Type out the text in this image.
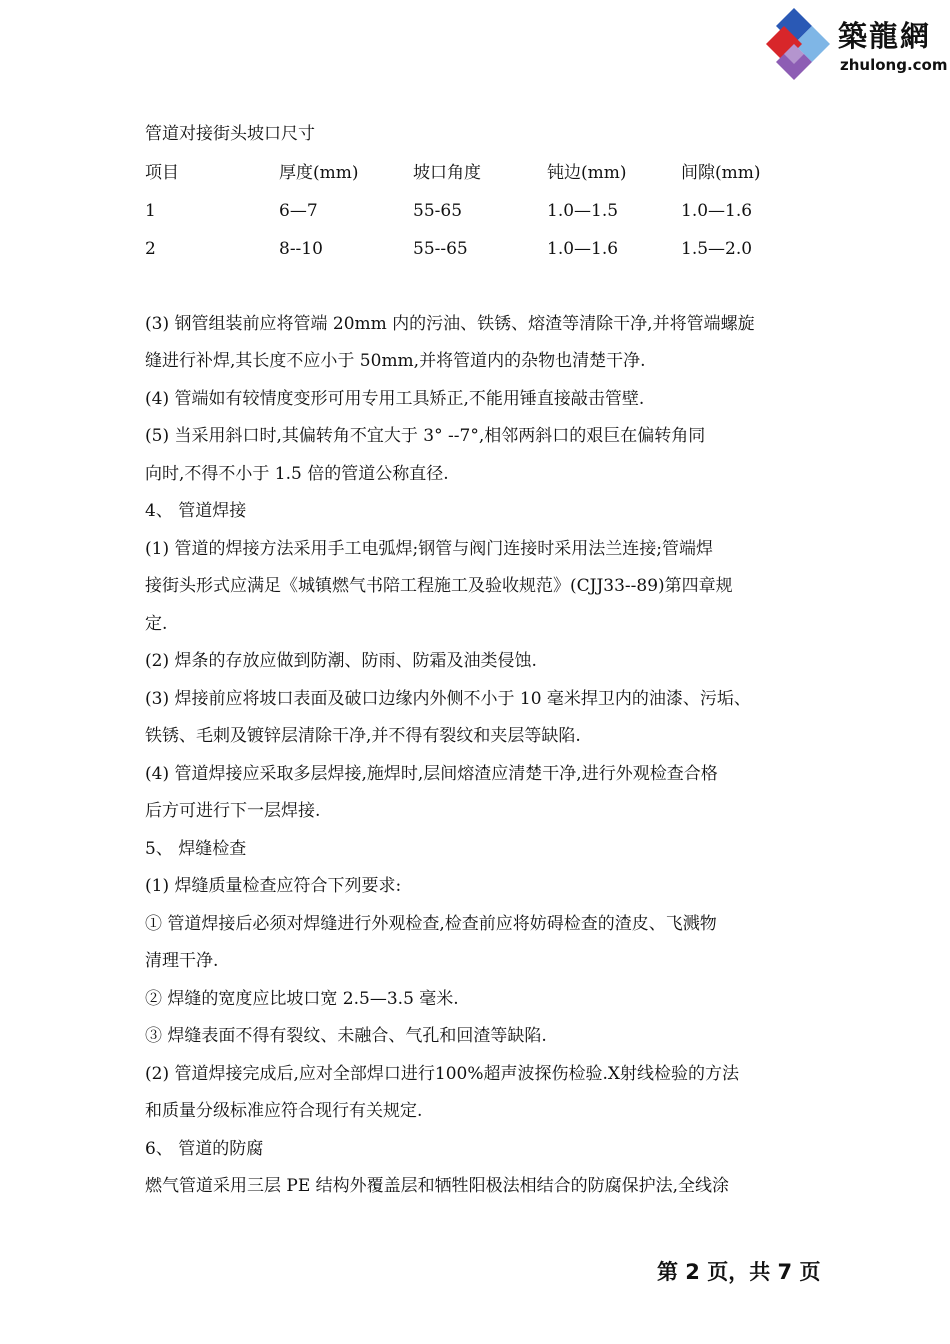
築龍網
zhulong.com
管道对接街头坡口尺寸
项目	厚度(mm)	坡口角度	钝边(mm)	间隙(mm)
1	6—7	55-65	1.0—1.5	1.0—1.6
2	8--10	55--65	1.0—1.6	1.5—2.0
(3) 钢管组装前应将管端 20mm 内的污油、铁锈、熔渣等清除干净,并将管端螺旋
缝进行补焊,其长度不应小于 50mm,并将管道内的杂物也清楚干净.
(4) 管端如有较情度变形可用专用工具矫正,不能用锤直接敲击管壁.
(5) 当采用斜口时,其偏转角不宜大于 3° --7°,相邻两斜口的艰巨在偏转角同
向时,不得不小于 1.5 倍的管道公称直径.
4、 管道焊接
(1) 管道的焊接方法采用手工电弧焊;钢管与阀门连接时采用法兰连接;管端焊
接街头形式应满足《城镇燃气书陪工程施工及验收规范》(CJJ33--89)第四章规
定.
(2) 焊条的存放应做到防潮、防雨、防霜及油类侵蚀.
(3) 焊接前应将坡口表面及破口边缘内外侧不小于 10 毫米捍卫内的油漆、污垢、
铁锈、毛刺及镀锌层清除干净,并不得有裂纹和夹层等缺陷.
(4) 管道焊接应采取多层焊接,施焊时,层间熔渣应清楚干净,进行外观检查合格
后方可进行下一层焊接.
5、 焊缝检查
(1) 焊缝质量检查应符合下列要求:
① 管道焊接后必须对焊缝进行外观检查,检查前应将妨碍检查的渣皮、飞溅物
清理干净.
② 焊缝的宽度应比坡口宽 2.5—3.5 毫米.
③ 焊缝表面不得有裂纹、未融合、气孔和回渣等缺陷.
(2) 管道焊接完成后,应对全部焊口进行100%超声波探伤检验.X射线检验的方法
和质量分级标准应符合现行有关规定.
6、 管道的防腐
燃气管道采用三层 PE 结构外覆盖层和牺牲阳极法相结合的防腐保护法,全线涂
第 2 页，共 7 页
